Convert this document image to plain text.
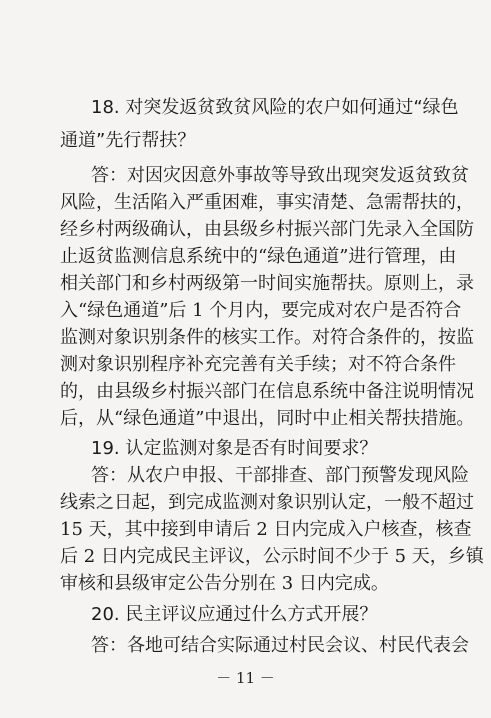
18. 对突发返贫致贫风险的农户如何通过“绿色
通道”先行帮扶？
答：对因灾因意外事故等导致出现突发返贫致贫
风险，生活陷入严重困难，事实清楚、急需帮扶的，
经乡村两级确认，由县级乡村振兴部门先录入全国防
止返贫监测信息系统中的“绿色通道”进行管理，由
相关部门和乡村两级第一时间实施帮扶。原则上，录
入“绿色通道”后 1 个月内，要完成对农户是否符合
监测对象识别条件的核实工作。对符合条件的，按监
测对象识别程序补充完善有关手续；对不符合条件
的，由县级乡村振兴部门在信息系统中备注说明情况
后，从“绿色通道”中退出，同时中止相关帮扶措施。
19. 认定监测对象是否有时间要求？
答：从农户申报、干部排查、部门预警发现风险
线索之日起，到完成监测对象识别认定，一般不超过
15 天，其中接到申请后 2 日内完成入户核查，核查
后 2 日内完成民主评议，公示时间不少于 5 天，乡镇
审核和县级审定公告分别在 3 日内完成。
－ 11 －
20. 民主评议应通过什么方式开展？
答：各地可结合实际通过村民会议、村民代表会
